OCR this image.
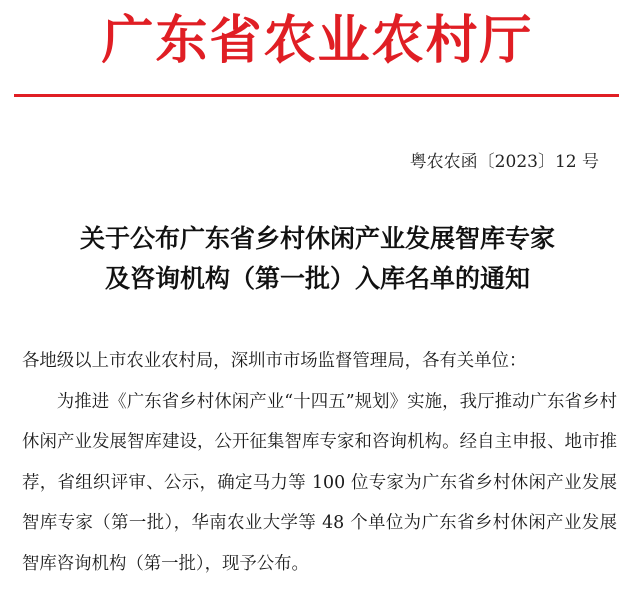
广东省农业农村厅
粤农农函〔2023〕12 号
关于公布广东省乡村休闲产业发展智库专家
及咨询机构（第一批）入库名单的通知

各地级以上市农业农村局，深圳市市场监督管理局，各有关单位：

为推进《广东省乡村休闲产业“十四五”规划》实施，我厅推动广东省乡村休闲产业发展智库建设，公开征集智库专家和咨询机构。经自主申报、地市推荐，省组织评审、公示，确定马力等 100 位专家为广东省乡村休闲产业发展智库专家（第一批），华南农业大学等 48 个单位为广东省乡村休闲产业发展智库咨询机构（第一批），现予公布。
